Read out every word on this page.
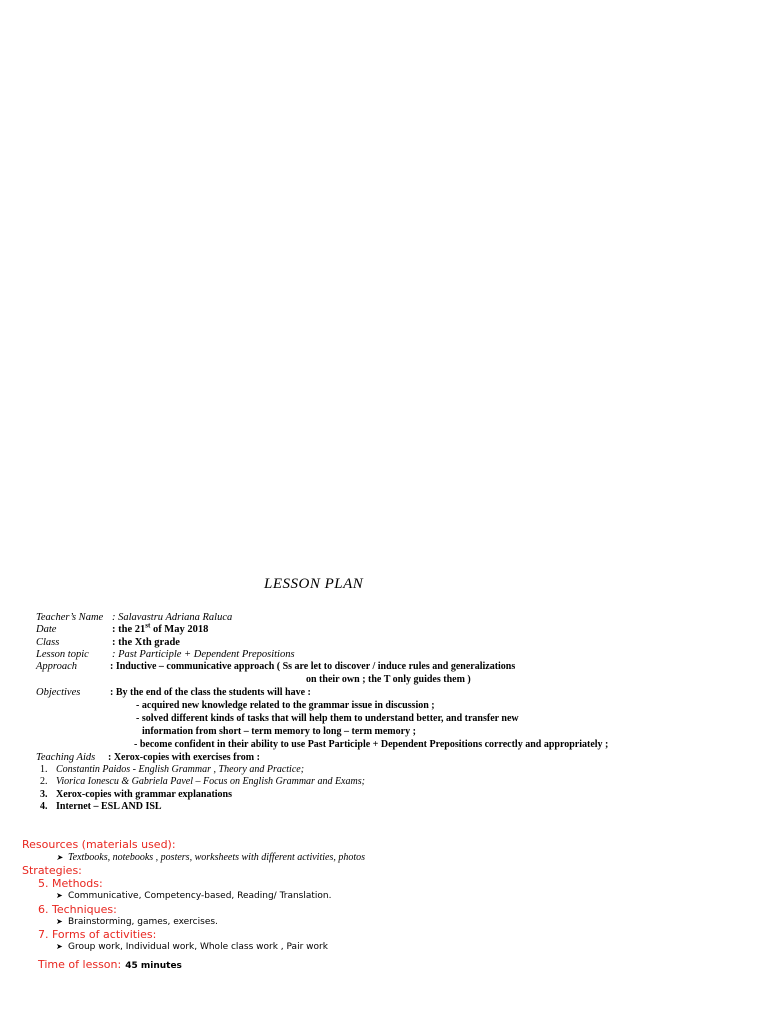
LESSON PLAN
Teacher’s Name : Salavastru Adriana Raluca
Date	: the 21st of May 2018
Class	: the Xth grade
Lesson topic : Past Participle + Dependent Prepositions
Approach	: Inductive – communicative approach ( Ss are let to discover / induce rules and generalizations
on their own ; the T only guides them )
Objectives	: By the end of the class the students will have :
- acquired new knowledge related to the grammar issue in discussion ;
- solved different kinds of tasks that will help them to understand better, and transfer new
information from short – term memory to long – term memory ;
- become confident in their ability to use Past Participle + Dependent Prepositions correctly and appropriately ;
Teaching Aids : Xerox-copies with exercises from :
1. Constantin Paidos - English Grammar , Theory and Practice;
2. Viorica Ionescu & Gabriela Pavel – Focus on English Grammar and Exams;
3. Xerox-copies with grammar explanations
4. Internet – ESL AND ISL
Resources (materials used):
➤ Textbooks, notebooks , posters, worksheets with different activities, photos
Strategies:
5. Methods:
➤ Communicative, Competency-based, Reading/ Translation.
6. Techniques:
➤ Brainstorming, games, exercises.
7. Forms of activities:
➤ Group work, Individual work, Whole class work , Pair work
Time of lesson: 45 minutes
